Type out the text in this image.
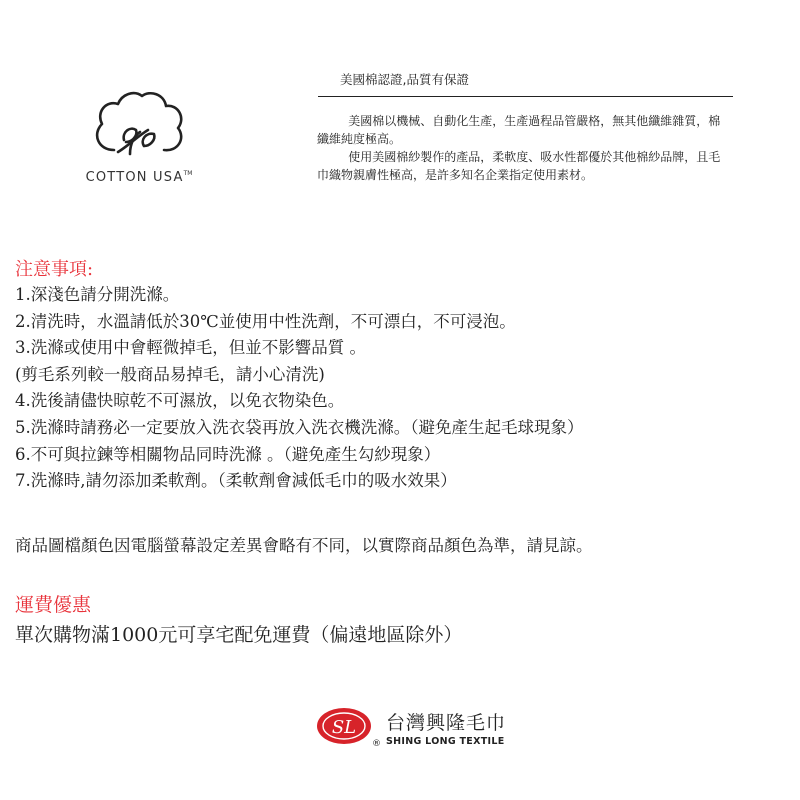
COTTON USA™
美國棉認證,品質有保證

美國棉以機械、自動化生產，生產過程品管嚴格，無其他纖維雜質，棉纖維純度極高。

使用美國棉紗製作的產品，柔軟度、吸水性都優於其他棉紗品牌，且毛巾織物親膚性極高，是許多知名企業指定使用素材。

注意事項:
1.深淺色請分開洗滌。
2.清洗時，水溫請低於30℃並使用中性洗劑，不可漂白，不可浸泡。
3.洗滌或使用中會輕微掉毛，但並不影響品質 。
(剪毛系列較一般商品易掉毛，請小心清洗)
4.洗後請儘快晾乾不可濕放，以免衣物染色。
5.洗滌時請務必一定要放入洗衣袋再放入洗衣機洗滌。（避免產生起毛球現象）
6.不可與拉鍊等相關物品同時洗滌 。（避免產生勾紗現象）
7.洗滌時,請勿添加柔軟劑。（柔軟劑會減低毛巾的吸水效果）
商品圖檔顏色因電腦螢幕設定差異會略有不同，以實際商品顏色為準，請見諒。
運費優惠
單次購物滿1000元可享宅配免運費（偏遠地區除外）
SL
®
台灣興隆毛巾
SHING LONG TEXTILE
